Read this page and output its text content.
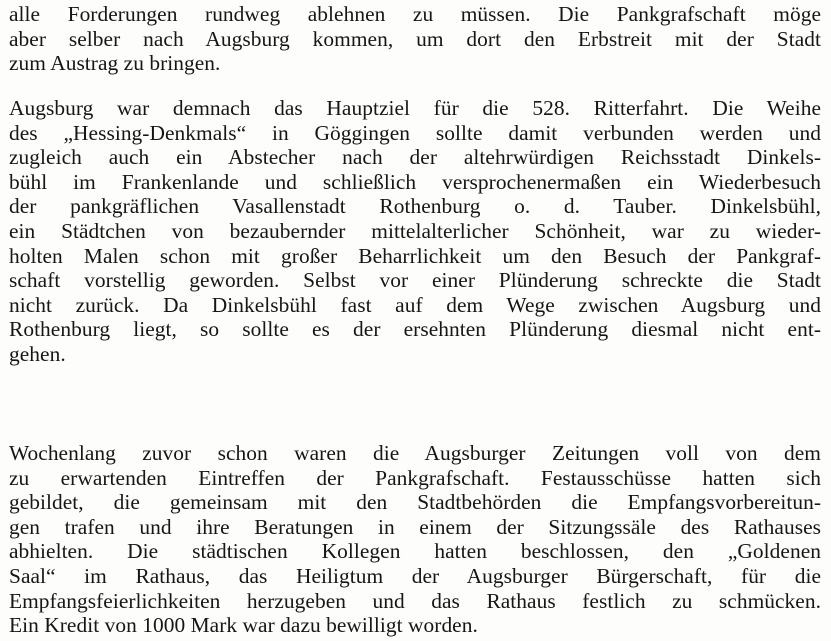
alle Forderungen rundweg ablehnen zu müssen. Die Pankgrafschaft möge
aber selber nach Augsburg kommen, um dort den Erbstreit mit der Stadt
zum Austrag zu bringen.

Augsburg war demnach das Hauptziel für die 528. Ritterfahrt. Die Weihe
des „Hessing-Denkmals“ in Göggingen sollte damit verbunden werden und
zugleich auch ein Abstecher nach der altehrwürdigen Reichsstadt Dinkels-
bühl im Frankenlande und schließlich versprochenermaßen ein Wiederbesuch
der pankgräflichen Vasallenstadt Rothenburg o. d. Tauber. Dinkelsbühl,
ein Städtchen von bezaubernder mittelalterlicher Schönheit, war zu wieder-
holten Malen schon mit großer Beharrlichkeit um den Besuch der Pankgraf-
schaft vorstellig geworden. Selbst vor einer Plünderung schreckte die Stadt
nicht zurück. Da Dinkelsbühl fast auf dem Wege zwischen Augsburg und
Rothenburg liegt, so sollte es der ersehnten Plünderung diesmal nicht ent-
gehen.

Wochenlang zuvor schon waren die Augsburger Zeitungen voll von dem
zu erwartenden Eintreffen der Pankgrafschaft. Festausschüsse hatten sich
gebildet, die gemeinsam mit den Stadtbehörden die Empfangsvorbereitun-
gen trafen und ihre Beratungen in einem der Sitzungssäle des Rathauses
abhielten. Die städtischen Kollegen hatten beschlossen, den „Goldenen
Saal“ im Rathaus, das Heiligtum der Augsburger Bürgerschaft, für die
Empfangsfeierlichkeiten herzugeben und das Rathaus festlich zu schmücken.
Ein Kredit von 1000 Mark war dazu bewilligt worden.
